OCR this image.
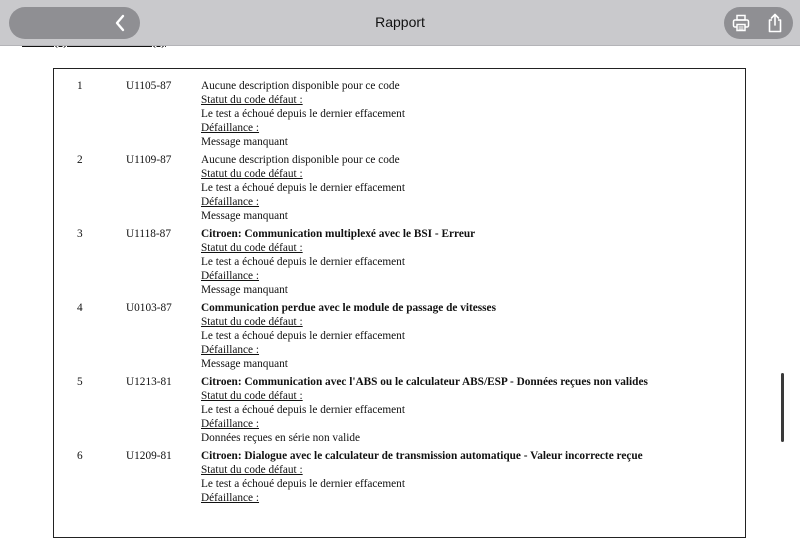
1	U1105-87	Aucune description disponible pour ce code
Statut du code défaut :
Le test a échoué depuis le dernier effacement
Défaillance :
Message manquant
2	U1109-87	Aucune description disponible pour ce code
Statut du code défaut :
Le test a échoué depuis le dernier effacement
Défaillance :
Message manquant
3	U1118-87	Citroen: Communication multiplexé avec le BSI - Erreur
Statut du code défaut :
Le test a échoué depuis le dernier effacement
Défaillance :
Message manquant
4	U0103-87	Communication perdue avec le module de passage de vitesses
Statut du code défaut :
Le test a échoué depuis le dernier effacement
Défaillance :
Message manquant
5	U1213-81	Citroen: Communication avec l'ABS ou le calculateur ABS/ESP - Données reçues non valides
Statut du code défaut :
Le test a échoué depuis le dernier effacement
Défaillance :
Données reçues en série non valide
6	U1209-81	Citroen: Dialogue avec le calculateur de transmission automatique - Valeur incorrecte reçue
Statut du code défaut :
Le test a échoué depuis le dernier effacement
Défaillance :
Rapport
